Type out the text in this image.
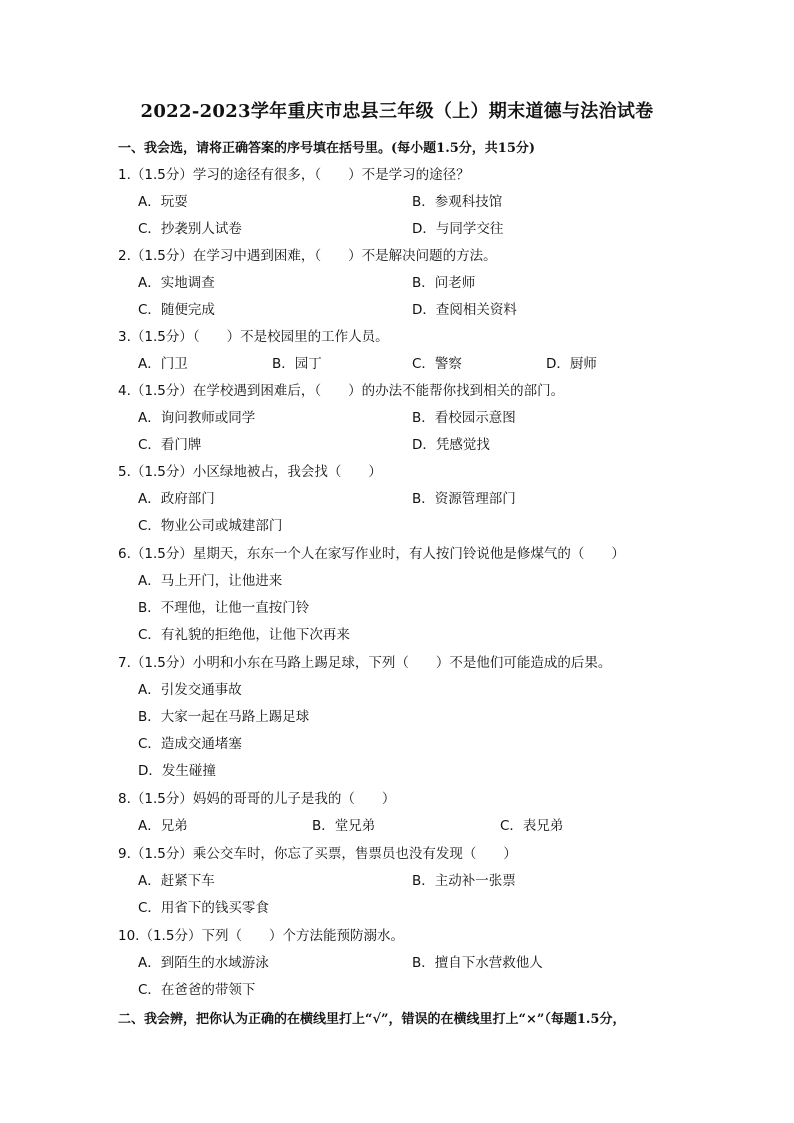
2022-2023学年重庆市忠县三年级（上）期末道德与法治试卷
一、我会选，请将正确答案的序号填在括号里。(每小题1.5分，共15分)
1.（1.5分）学习的途径有很多，（　　）不是学习的途径？
A．玩耍	B．参观科技馆
C．抄袭别人试卷	D．与同学交往
2.（1.5分）在学习中遇到困难，（　　）不是解决问题的方法。
A．实地调查	B．问老师
C．随便完成	D．查阅相关资料
3.（1.5分）（　　）不是校园里的工作人员。
A．门卫	B．园丁	C．警察	D．厨师
4.（1.5分）在学校遇到困难后，（　　）的办法不能帮你找到相关的部门。
A．询问教师或同学	B．看校园示意图
C．看门牌	D．凭感觉找
5.（1.5分）小区绿地被占，我会找（　　）
A．政府部门	B．资源管理部门
C．物业公司或城建部门
6.（1.5分）星期天，东东一个人在家写作业时，有人按门铃说他是修煤气的（　　）
A．马上开门，让他进来
B．不理他，让他一直按门铃
C．有礼貌的拒绝他，让他下次再来
7.（1.5分）小明和小东在马路上踢足球，下列（　　）不是他们可能造成的后果。
A．引发交通事故
B．大家一起在马路上踢足球
C．造成交通堵塞
D．发生碰撞
8.（1.5分）妈妈的哥哥的儿子是我的（　　）
A．兄弟	B．堂兄弟	C．表兄弟
9.（1.5分）乘公交车时，你忘了买票，售票员也没有发现（　　）
A．赶紧下车	B．主动补一张票
C．用省下的钱买零食
10.（1.5分）下列（　　）个方法能预防溺水。
A．到陌生的水域游泳	B．擅自下水营救他人
C．在爸爸的带领下
二、我会辨，把你认为正确的在横线里打上“√”，错误的在横线里打上“×”（每题1.5分，
